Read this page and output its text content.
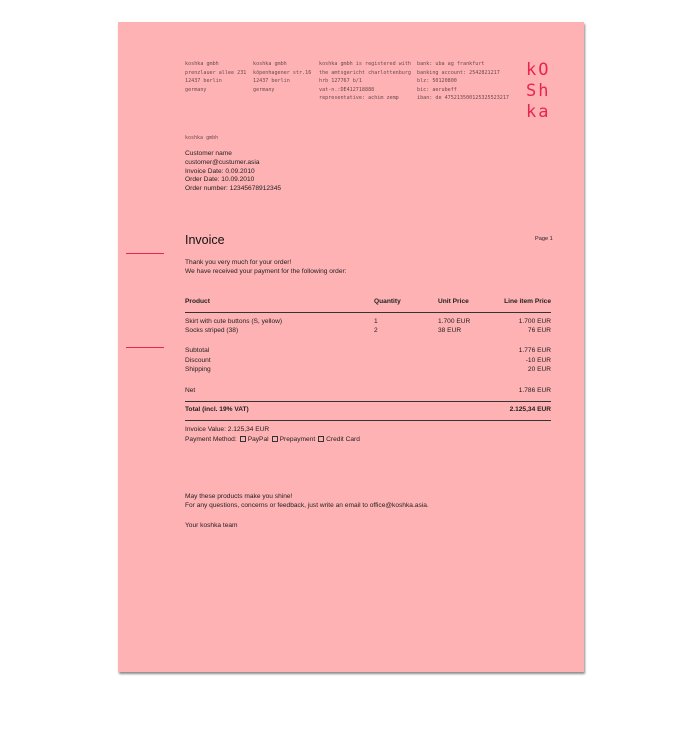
koshka gmbh
prenzlauer allee 231
12437 berlin
germany
koshka gmbh
köpenhagener str.16
12437 berlin
germany
koshka gmbh is registered with
the amtsgericht charlottenburg
hrb 127767 b/1
vat-n.:DE412718888
representative: achim zemp
bank: uba ag frankfurt
banking account: 2542821217
blz: 50120800
bic: aerubeff
iban: de 475213500125325523217
kO
Sh
ka
koshka gmbh
Customer name
customer@custumer.asia
Invoice Date: 0.09.2010
Order Date: 10.09.2010
Order number: 12345678912345
Invoice	Page 1
Thank you very much for your order!
We have received your payment for the following order:
Product	Quantity	Unit Price	Line item Price
Skirt with cute buttons (S, yellow)	1	1.700 EUR	1.700 EUR
Socks striped (38)	2	38 EUR	76 EUR
Subtotal	1.776 EUR
Discount	-10 EUR
Shipping	20 EUR
Net	1.786 EUR
Total (incl. 19% VAT)	2.125,34 EUR
Invoice Value: 2.125,34 EUR
Payment Method: PayPal Prepayment Credit Card
May these products make you shine!
For any questions, concerns or feedback, just write an email to office@koshka.asia.
Your koshka team
